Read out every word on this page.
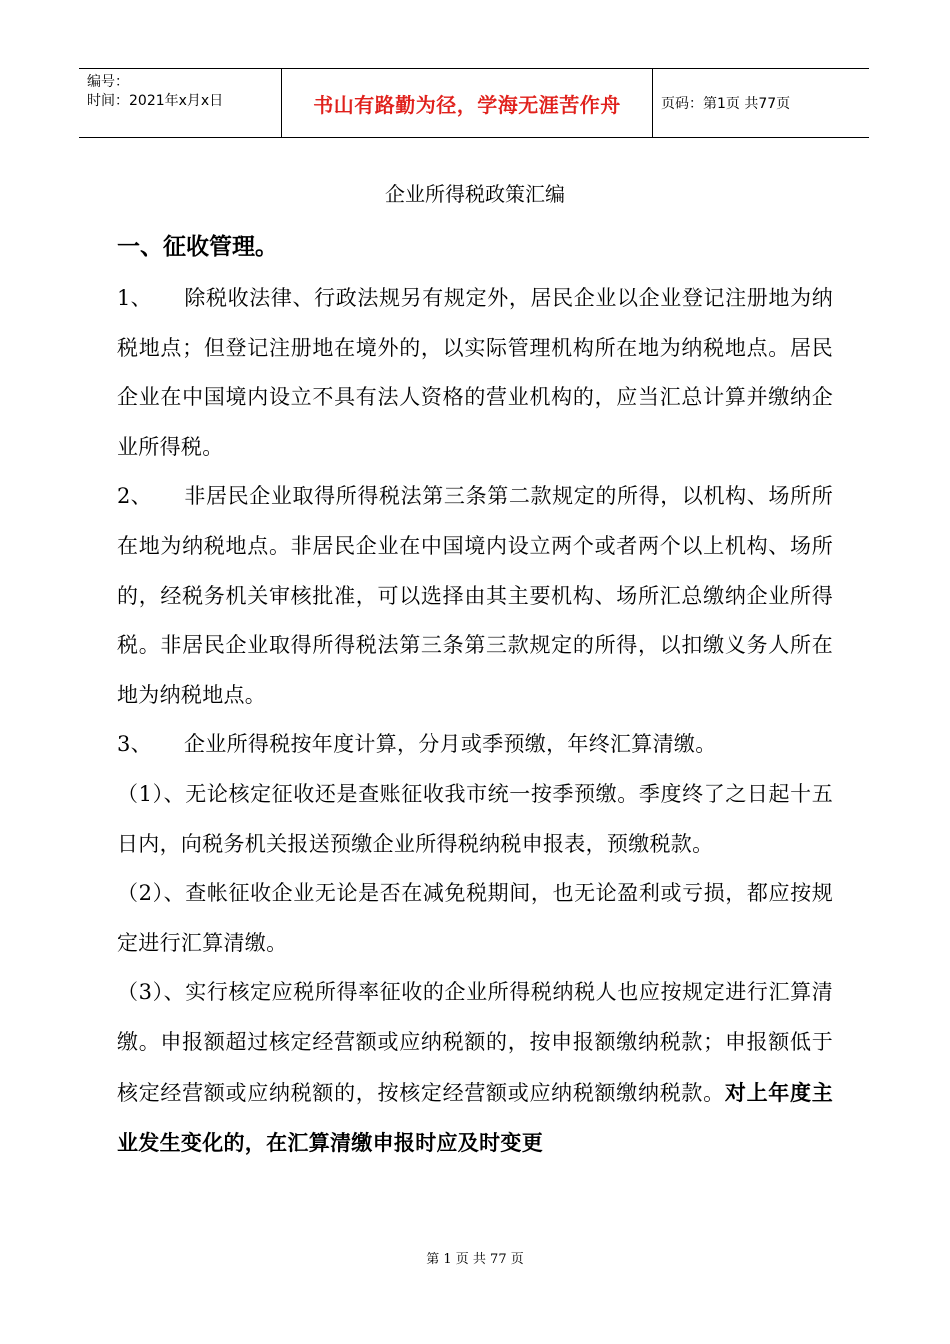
编号：
时间：2021年x月x日	书山有路勤为径，学海无涯苦作舟	页码：第1页 共77页
企业所得税政策汇编
一、征收管理。

1、 除税收法律、行政法规另有规定外，居民企业以企业登记注册地为纳税地点；但登记注册地在境外的，以实际管理机构所在地为纳税地点。居民企业在中国境内设立不具有法人资格的营业机构的，应当汇总计算并缴纳企业所得税。

2、 非居民企业取得所得税法第三条第二款规定的所得，以机构、场所所在地为纳税地点。非居民企业在中国境内设立两个或者两个以上机构、场所的，经税务机关审核批准，可以选择由其主要机构、场所汇总缴纳企业所得税。非居民企业取得所得税法第三条第三款规定的所得，以扣缴义务人所在地为纳税地点。

3、 企业所得税按年度计算，分月或季预缴，年终汇算清缴。

（1）、无论核定征收还是查账征收我市统一按季预缴。季度终了之日起十五日内，向税务机关报送预缴企业所得税纳税申报表，预缴税款。

（2）、查帐征收企业无论是否在减免税期间，也无论盈利或亏损，都应按规定进行汇算清缴。

（3）、实行核定应税所得率征收的企业所得税纳税人也应按规定进行汇算清缴。申报额超过核定经营额或应纳税额的，按申报额缴纳税款；申报额低于核定经营额或应纳税额的，按核定经营额或应纳税额缴纳税款。对上年度主业发生变化的，在汇算清缴申报时应及时变更

第 1 页 共 77 页
